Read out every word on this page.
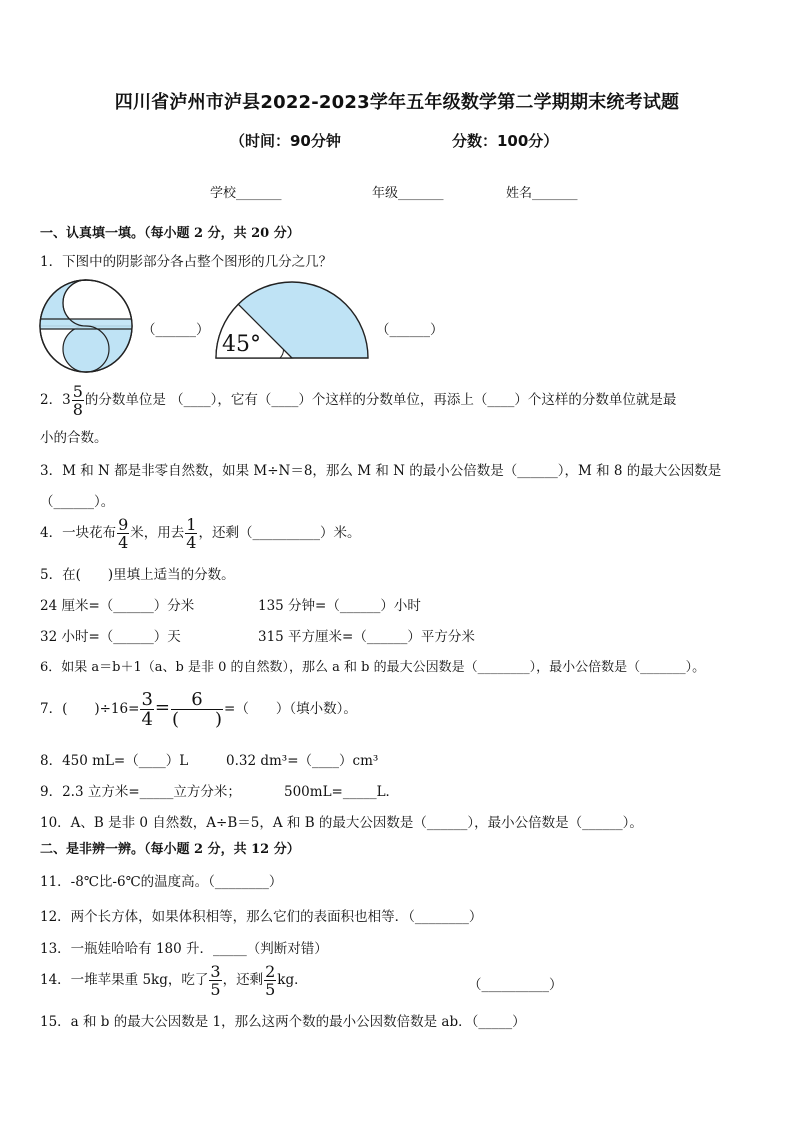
四川省泸州市泸县2022-2023学年五年级数学第二学期期末统考试题
（时间：90分钟	分数：100分）
学校_______	年级_______	姓名_______
一、认真填一填。（每小题 2 分，共 20 分）
1．下图中的阴影部分各占整个图形的几分之几？
（______）
45°
（______）
2．$3 \frac{5}{8}$ 的分数单位是 （____），它有（____）个这样的分数单位，再添上（____）个这样的分数单位就是最
小的合数。
3．M 和 N 都是非零自然数，如果 M÷N＝8，那么 M 和 N 的最小公倍数是（______），M 和 8 的最大公因数是
（______）。
4．一块花布 $\frac{9}{4}$ 米，用去 $\frac{1}{4}$ ，还剩（__________）米。
5．在(　　)里填上适当的分数。
24 厘米=（______）分米	135 分钟=（______）小时
32 小时=（______）天	315 平方厘米=（______）平方分米
6．如果 a＝b＋1（a、b 是非 0 的自然数），那么 a 和 b 的最大公因数是（________），最小公倍数是（_______）。
7．(　　)$\div 16= \frac{3}{4} = \frac{6}{( )}$ =（　　）（填小数）。
8．450 mL=（____）L	0.32 dm³=（____）cm³
9．2.3 立方米=_____立方分米；	500mL=_____L．
10．A、B 是非 0 自然数，A÷B＝5，A 和 B 的最大公因数是（______），最小公倍数是（______）。
二、是非辨一辨。（每小题 2 分，共 12 分）
11．-8℃比-6℃的温度高。（________）
12．两个长方体，如果体积相等，那么它们的表面积也相等．（________）
13．一瓶娃哈哈有 180 升．_____（判断对错）
14．一堆苹果重 5kg，吃了 $\frac{3}{5}$ ，还剩 $\frac{2}{5}$ kg．	（__________）
15．a 和 b 的最大公因数是 1，那么这两个数的最小公因数倍数是 ab．（_____）
